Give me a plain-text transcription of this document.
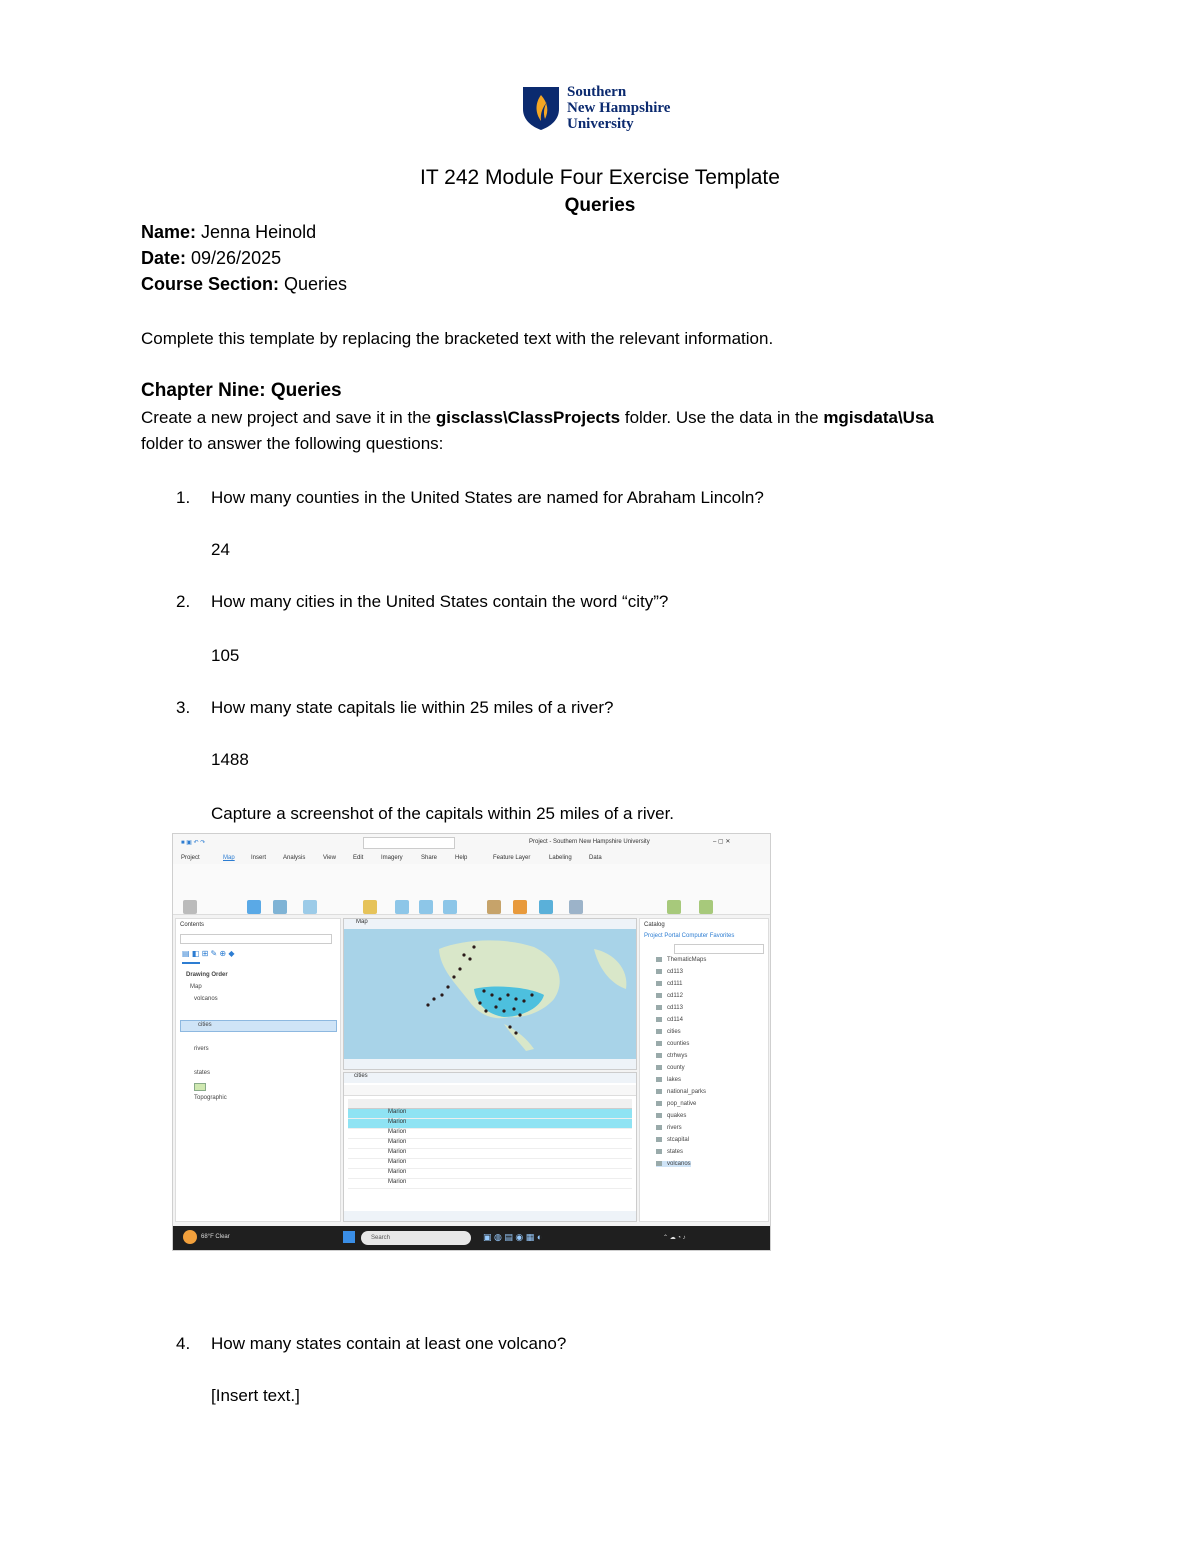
Southern
New Hampshire
University
IT 242 Module Four Exercise Template
Queries
Name: Jenna Heinold
Date: 09/26/2025
Course Section: Queries
Complete this template by replacing the bracketed text with the relevant information.
Chapter Nine: Queries
Create a new project and save it in the gisclass\ClassProjects folder. Use the data in the mgisdata\Usa
folder to answer the following questions:
1. How many counties in the United States are named for Abraham Lincoln?
24
2. How many cities in the United States contain the word “city”?
105
3. How many state capitals lie within 25 miles of a river?
1488
Capture a screenshot of the capitals within 25 miles of a river.
■ ▣ ↶ ↷	Project - Southern New Hampshire University	– ▢ ✕
Project	Map	Insert	Analysis	View	Edit	Imagery	Share	Help	Feature Layer	Labeling	Data
Contents
▤ ◧ ⊞ ✎ ⊕ ◆
Drawing Order
Map
volcanos
cities
rivers
states
Topographic
Map
cities
Marion
Marion
Marion
Marion
Marion
Marion
Marion
Marion
Catalog
Project Portal Computer Favorites
ThematicMaps
cd113
cd111
cd112
cd113
cd114
cities
counties
ctrhwys
county
lakes
national_parks
pop_native
quakes
rivers
stcapital
states
volcanos
68°F Clear	Search	▣ ◍ ▤ ◉ ▦ ◐	⌃ ☁ ◔ ♪
4. How many states contain at least one volcano?
[Insert text.]
